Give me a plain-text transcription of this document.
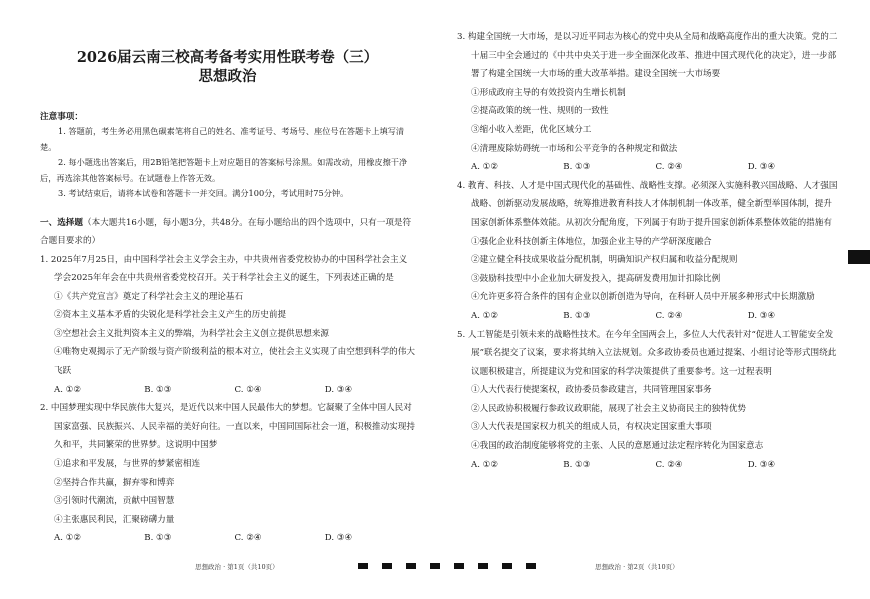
2026届云南三校高考备考实用性联考卷（三）

思想政治

注意事项：

1. 答题前，考生务必用黑色碳素笔将自己的姓名、准考证号、考场号、座位号在答题卡上填写清楚。

2. 每小题选出答案后，用2B铅笔把答题卡上对应题目的答案标号涂黑。如需改动，用橡皮擦干净后，再选涂其他答案标号。在试题卷上作答无效。

3. 考试结束后，请将本试卷和答题卡一并交回。满分100分，考试用时75分钟。

一、选择题（本大题共16小题，每小题3分，共48分。在每小题给出的四个选项中，只有一项是符合题目要求的）

1. 2025年7月25日，由中国科学社会主义学会主办，中共贵州省委党校协办的中国科学社会主义学会2025年年会在中共贵州省委党校召开。关于科学社会主义的诞生，下列表述正确的是

①《共产党宣言》奠定了科学社会主义的理论基石

②资本主义基本矛盾的尖锐化是科学社会主义产生的历史前提

③空想社会主义批判资本主义的弊端，为科学社会主义创立提供思想来源

④唯物史观揭示了无产阶级与资产阶级利益的根本对立，使社会主义实现了由空想到科学的伟大飞跃

A. ①②	B. ①③	C. ①④	D. ③④

2. 中国梦理实现中华民族伟大复兴，是近代以来中国人民最伟大的梦想。它凝聚了全体中国人民对国家富强、民族振兴、人民幸福的美好向往。一直以来，中国同国际社会一道，积极推动实现持久和平，共同繁荣的世界梦。这说明中国梦

①追求和平发展，与世界的梦紧密相连

②坚持合作共赢，摒弃零和博弈

③引领时代潮流，贡献中国智慧

④主张惠民利民，汇聚磅礴力量

A. ①②	B. ①③	C. ②④	D. ③④

3. 构建全国统一大市场，是以习近平同志为核心的党中央从全局和战略高度作出的重大决策。党的二十届三中全会通过的《中共中央关于进一步全面深化改革、推进中国式现代化的决定》，进一步部署了构建全国统一大市场的重大改革举措。建设全国统一大市场要

①形成政府主导的有效投资内生增长机制

②提高政策的统一性、规则的一致性

③缩小收入差距，优化区域分工

④清理废除妨碍统一市场和公平竞争的各种规定和做法

A. ①②	B. ①③	C. ②④	D. ③④

4. 教育、科技、人才是中国式现代化的基础性、战略性支撑。必须深入实施科教兴国战略、人才强国战略、创新驱动发展战略，统筹推进教育科技人才体制机制一体改革，健全新型举国体制，提升国家创新体系整体效能。从初次分配角度，下列属于有助于提升国家创新体系整体效能的措施有

①强化企业科技创新主体地位，加强企业主导的产学研深度融合

②建立健全科技成果收益分配机制，明确知识产权归属和收益分配规则

③鼓励科技型中小企业加大研发投入，提高研发费用加计扣除比例

④允许更多符合条件的国有企业以创新创造为导向，在科研人员中开展多种形式中长期激励

A. ①②	B. ①③	C. ②④	D. ③④

5. 人工智能是引领未来的战略性技术。在今年全国两会上，多位人大代表针对“促进人工智能安全发展”联名提交了议案，要求将其纳入立法规划。众多政协委员也通过提案、小组讨论等形式围绕此议题积极建言，所提建议为党和国家的科学决策提供了重要参考。这一过程表明

①人大代表行使提案权，政协委员参政建言，共同管理国家事务

②人民政协积极履行参政议政职能，展现了社会主义协商民主的独特优势

③人大代表是国家权力机关的组成人员，有权决定国家重大事项

④我国的政治制度能够将党的主张、人民的意愿通过法定程序转化为国家意志

A. ①②	B. ①③	C. ②④	D. ③④
思想政治 · 第1页（共10页）	思想政治 · 第2页（共10页）
